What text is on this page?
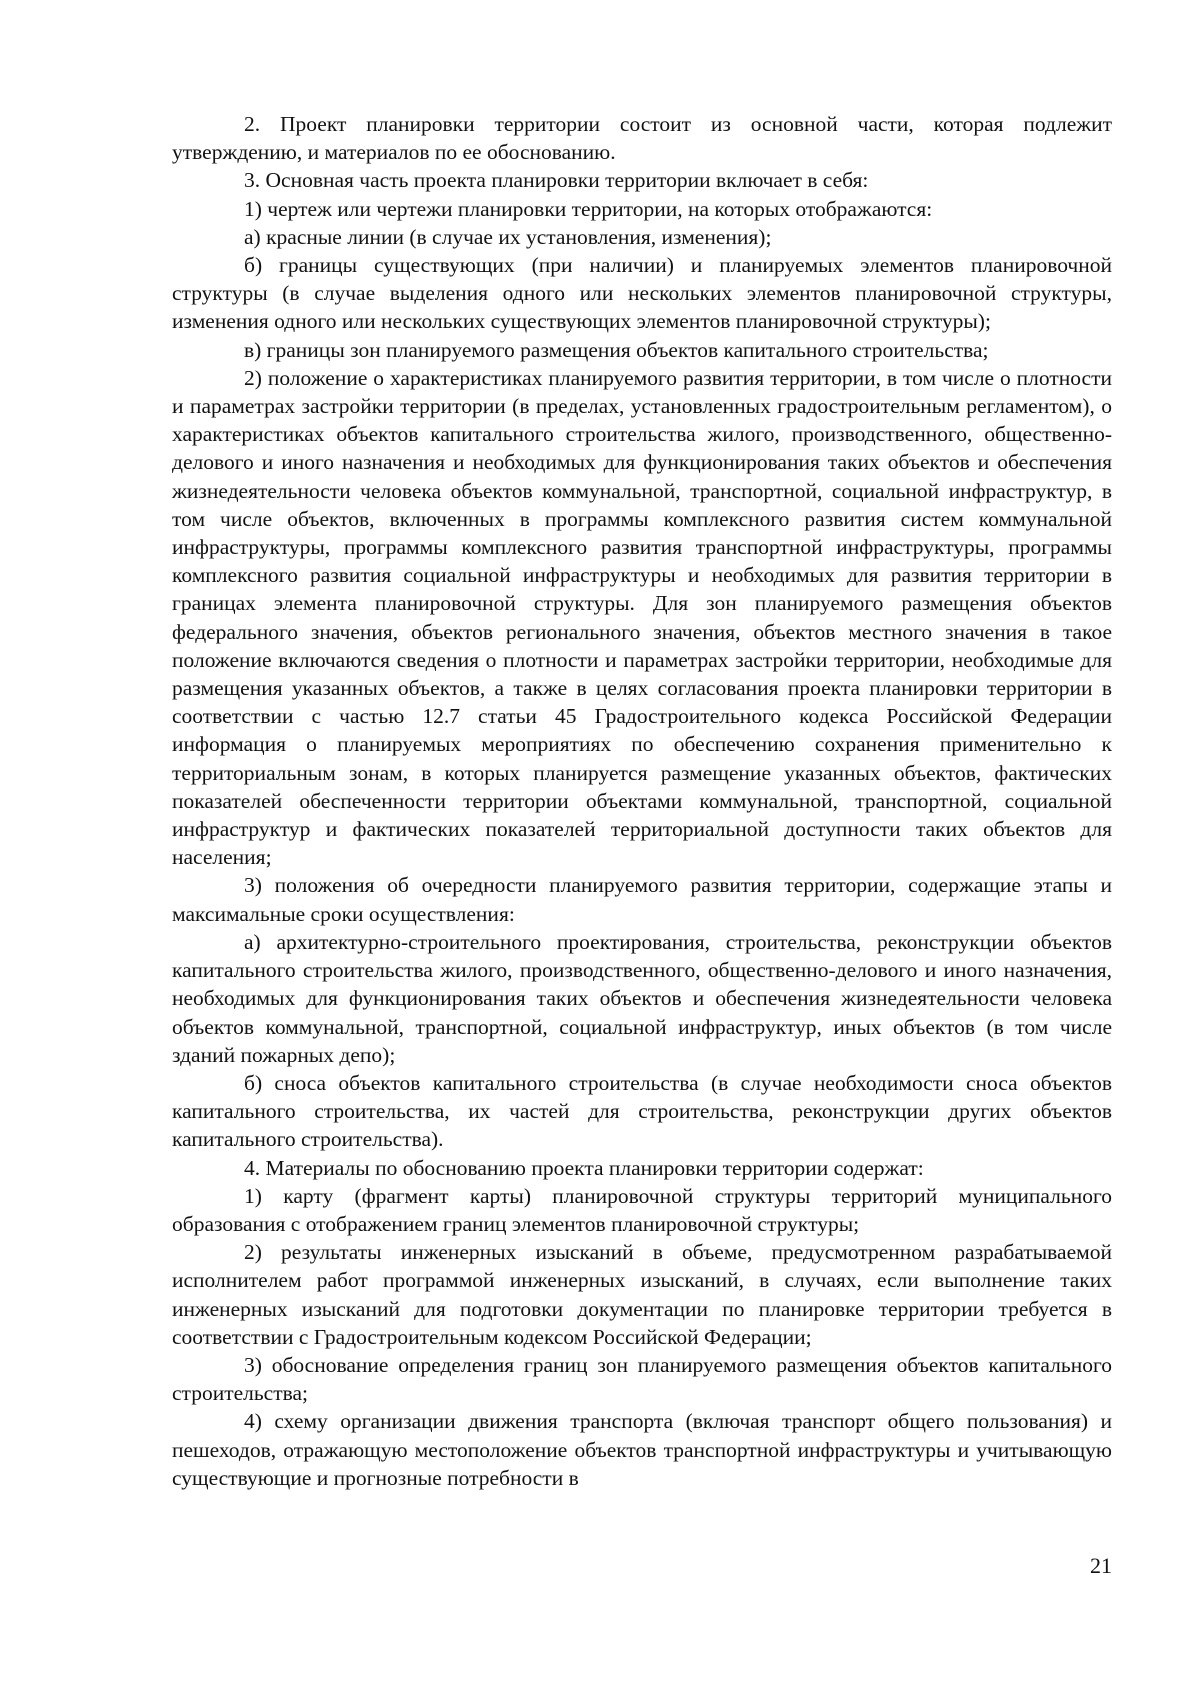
2. Проект планировки территории состоит из основной части, которая подлежит утверждению, и материалов по ее обоснованию.

3. Основная часть проекта планировки территории включает в себя:

1) чертеж или чертежи планировки территории, на которых отображаются:

а) красные линии (в случае их установления, изменения);

б) границы существующих (при наличии) и планируемых элементов планировочной структуры (в случае выделения одного или нескольких элементов планировочной структуры, изменения одного или нескольких существующих элементов планировочной структуры);

в) границы зон планируемого размещения объектов капитального строительства;

2) положение о характеристиках планируемого развития территории, в том числе о плотности и параметрах застройки территории (в пределах, установленных градостроительным регламентом), о характеристиках объектов капитального строительства жилого, производственного, общественно-делового и иного назначения и необходимых для функционирования таких объектов и обеспечения жизнедеятельности человека объектов коммунальной, транспортной, социальной инфраструктур, в том числе объектов, включенных в программы комплексного развития систем коммунальной инфраструктуры, программы комплексного развития транспортной инфраструктуры, программы комплексного развития социальной инфраструктуры и необходимых для развития территории в границах элемента планировочной структуры. Для зон планируемого размещения объектов федерального значения, объектов регионального значения, объектов местного значения в такое положение включаются сведения о плотности и параметрах застройки территории, необходимые для размещения указанных объектов, а также в целях согласования проекта планировки территории в соответствии с частью 12.7 статьи 45 Градостроительного кодекса Российской Федерации информация о планируемых мероприятиях по обеспечению сохранения применительно к территориальным зонам, в которых планируется размещение указанных объектов, фактических показателей обеспеченности территории объектами коммунальной, транспортной, социальной инфраструктур и фактических показателей территориальной доступности таких объектов для населения;

3) положения об очередности планируемого развития территории, содержащие этапы и максимальные сроки осуществления:

а) архитектурно-строительного проектирования, строительства, реконструкции объектов капитального строительства жилого, производственного, общественно-делового и иного назначения, необходимых для функционирования таких объектов и обеспечения жизнедеятельности человека объектов коммунальной, транспортной, социальной инфраструктур, иных объектов (в том числе зданий пожарных депо);

б) сноса объектов капитального строительства (в случае необходимости сноса объектов капитального строительства, их частей для строительства, реконструкции других объектов капитального строительства).

4. Материалы по обоснованию проекта планировки территории содержат:

1) карту (фрагмент карты) планировочной структуры территорий муниципального образования с отображением границ элементов планировочной структуры;

2) результаты инженерных изысканий в объеме, предусмотренном разрабатываемой исполнителем работ программой инженерных изысканий, в случаях, если выполнение таких инженерных изысканий для подготовки документации по планировке территории требуется в соответствии с Градостроительным кодексом Российской Федерации;

3) обоснование определения границ зон планируемого размещения объектов капитального строительства;

4) схему организации движения транспорта (включая транспорт общего пользования) и пешеходов, отражающую местоположение объектов транспортной инфраструктуры и учитывающую существующие и прогнозные потребности в

21
